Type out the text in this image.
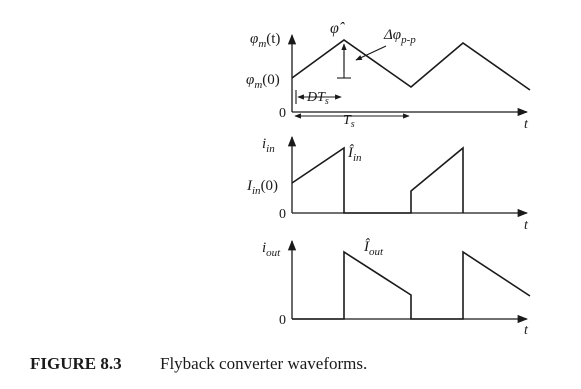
$\varphi_m(t)$
$\varphi_m(0)$
0
φ̂	$\Delta\varphi_{p-p}$
$DT_s$
$T_s$	t
$i_{in}$
$I_{in}(0)$
0
$Î_{in}$
t
$i_{out}$
0
$Î_{out}$
t
FIGURE 8.3 Flyback converter waveforms.
